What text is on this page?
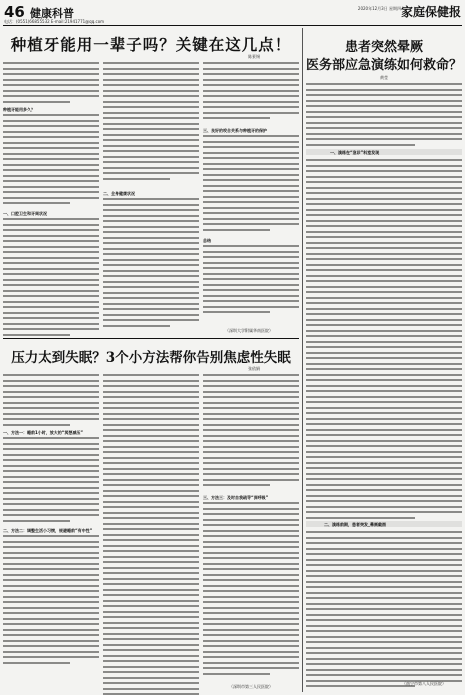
46 健康科普
电话：(0551)66855532 E-mail:21941771@qq.com
2020年12月3日 星期四 家庭保健报
种植牙能用一辈子吗？关键在这几点！
陈景锡
种植牙能用多久？
一、口腔卫生和牙周状况
二、全身健康状况
三、良好的咬合关系与种植牙的保护
总结
（深圳大学附属华南医院）
压力太到失眠？3个小方法帮你告别焦虑性失眠
张依娟
一、方法一：睡前1小时，放大的“冥想减压”
二、方法二：调整生活小习惯，规避睡前“有中性”
三、方法三：及时自我疏导“深呼吸”
（深圳市第三人民医院）
患者突然晕厥
医务部应急演练如何救命？
黄莹
一、演练在“急诊”科室发现
二、演练前期，患者突发_晕厥截图
（南宁市第八人民医院）
